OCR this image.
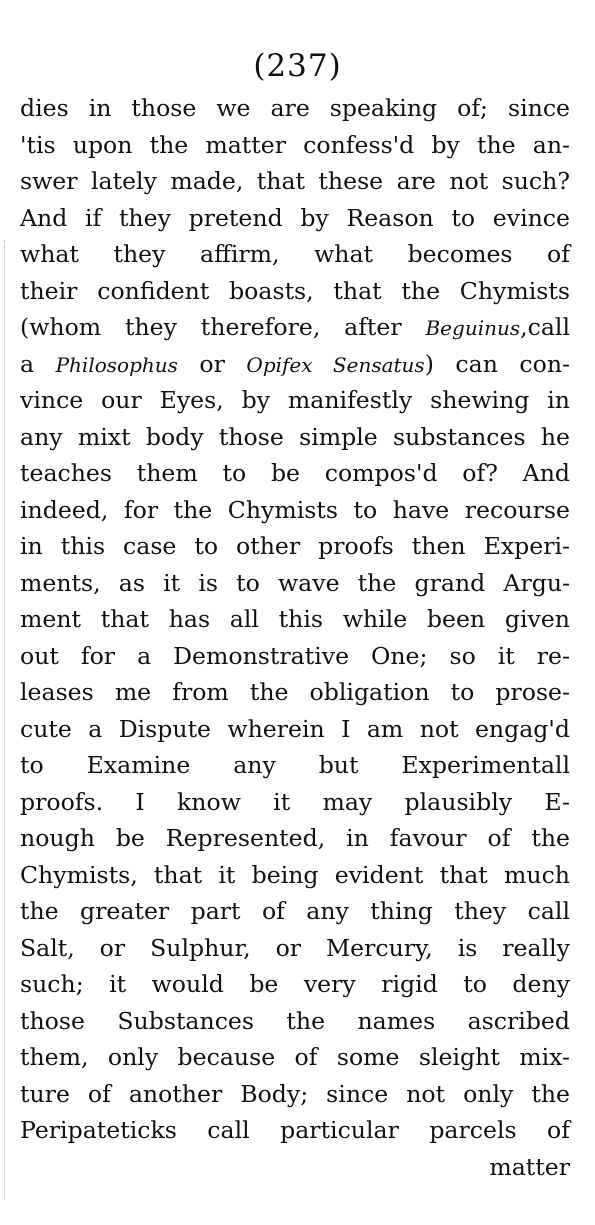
(237)
dies in those we are speaking of; since
'tis upon the matter confess'd by the an-
swer lately made, that these are not such?
And if they pretend by Reason to evince
what they affirm, what becomes of
their confident boasts, that the Chymists
(whom they therefore, after Beguinus,call
a Philosophus or Opifex Sensatus) can con-
vince our Eyes, by manifestly shewing in
any mixt body those simple substances he
teaches them to be compos'd of? And
indeed, for the Chymists to have recourse
in this case to other proofs then Experi-
ments, as it is to wave the grand Argu-
ment that has all this while been given
out for a Demonstrative One; so it re-
leases me from the obligation to prose-
cute a Dispute wherein I am not engag'd
to Examine any but Experimentall
proofs. I know it may plausibly E-
nough be Represented, in favour of the
Chymists, that it being evident that much
the greater part of any thing they call
Salt, or Sulphur, or Mercury, is really
such; it would be very rigid to deny
those Substances the names ascribed
them, only because of some sleight mix-
ture of another Body; since not only the
Peripateticks call particular parcels of
matter
